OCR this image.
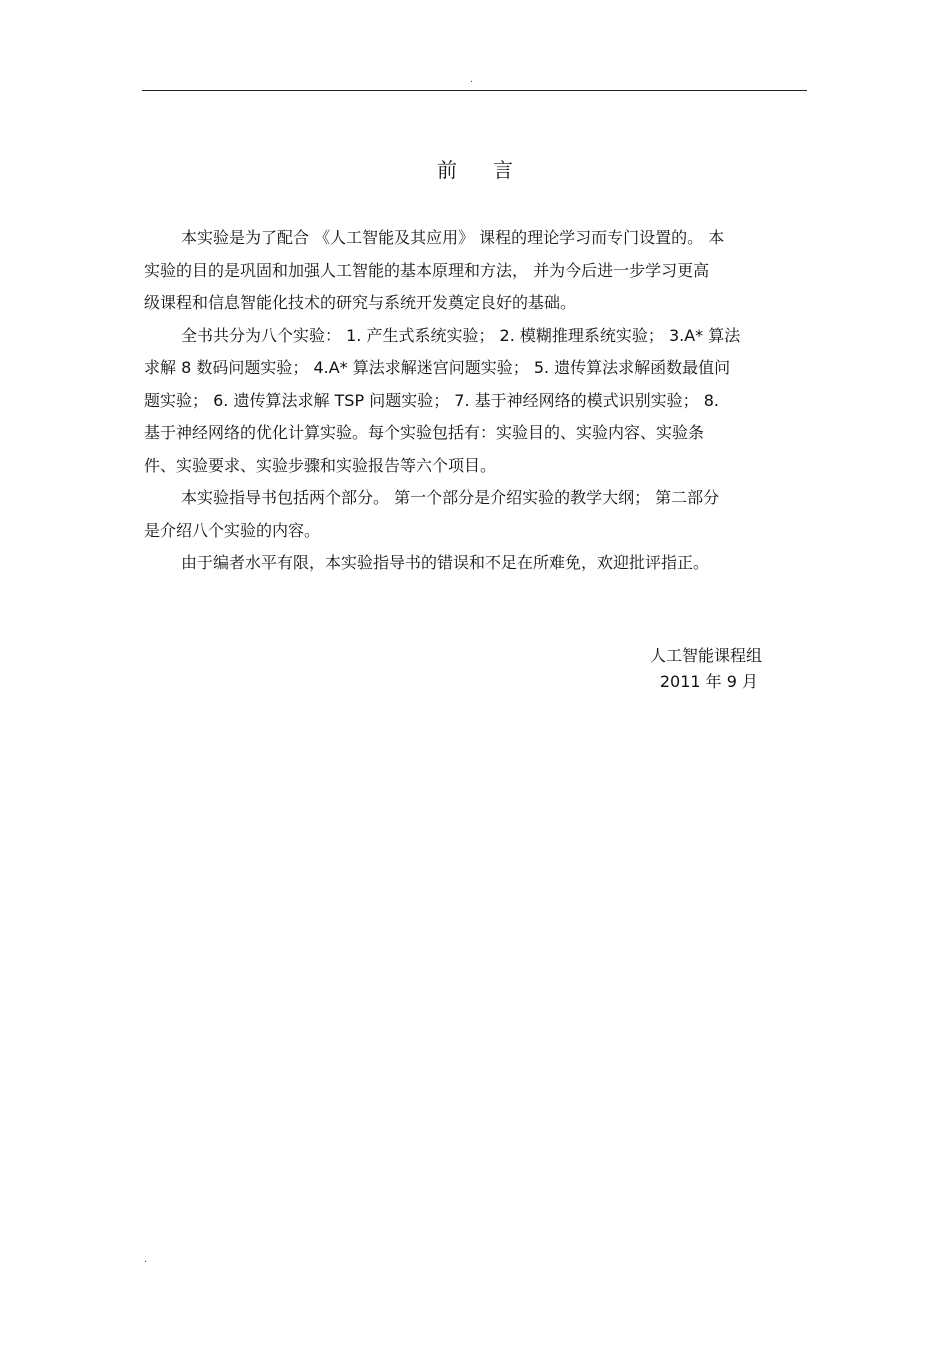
.
前 言
本实验是为了配合 《人工智能及其应用》 课程的理论学习而专门设置的。 本
实验的目的是巩固和加强人工智能的基本原理和方法， 并为今后进一步学习更高
级课程和信息智能化技术的研究与系统开发奠定良好的基础。
全书共分为八个实验： 1. 产生式系统实验； 2. 模糊推理系统实验； 3.A* 算法
求解 8 数码问题实验； 4.A* 算法求解迷宫问题实验； 5. 遗传算法求解函数最值问
题实验； 6. 遗传算法求解 TSP 问题实验； 7. 基于神经网络的模式识别实验； 8.
基于神经网络的优化计算实验。每个实验包括有：实验目的、实验内容、实验条
件、实验要求、实验步骤和实验报告等六个项目。
本实验指导书包括两个部分。 第一个部分是介绍实验的教学大纲； 第二部分
是介绍八个实验的内容。
由于编者水平有限，本实验指导书的错误和不足在所难免，欢迎批评指正。
人工智能课程组
2011 年 9 月
.
